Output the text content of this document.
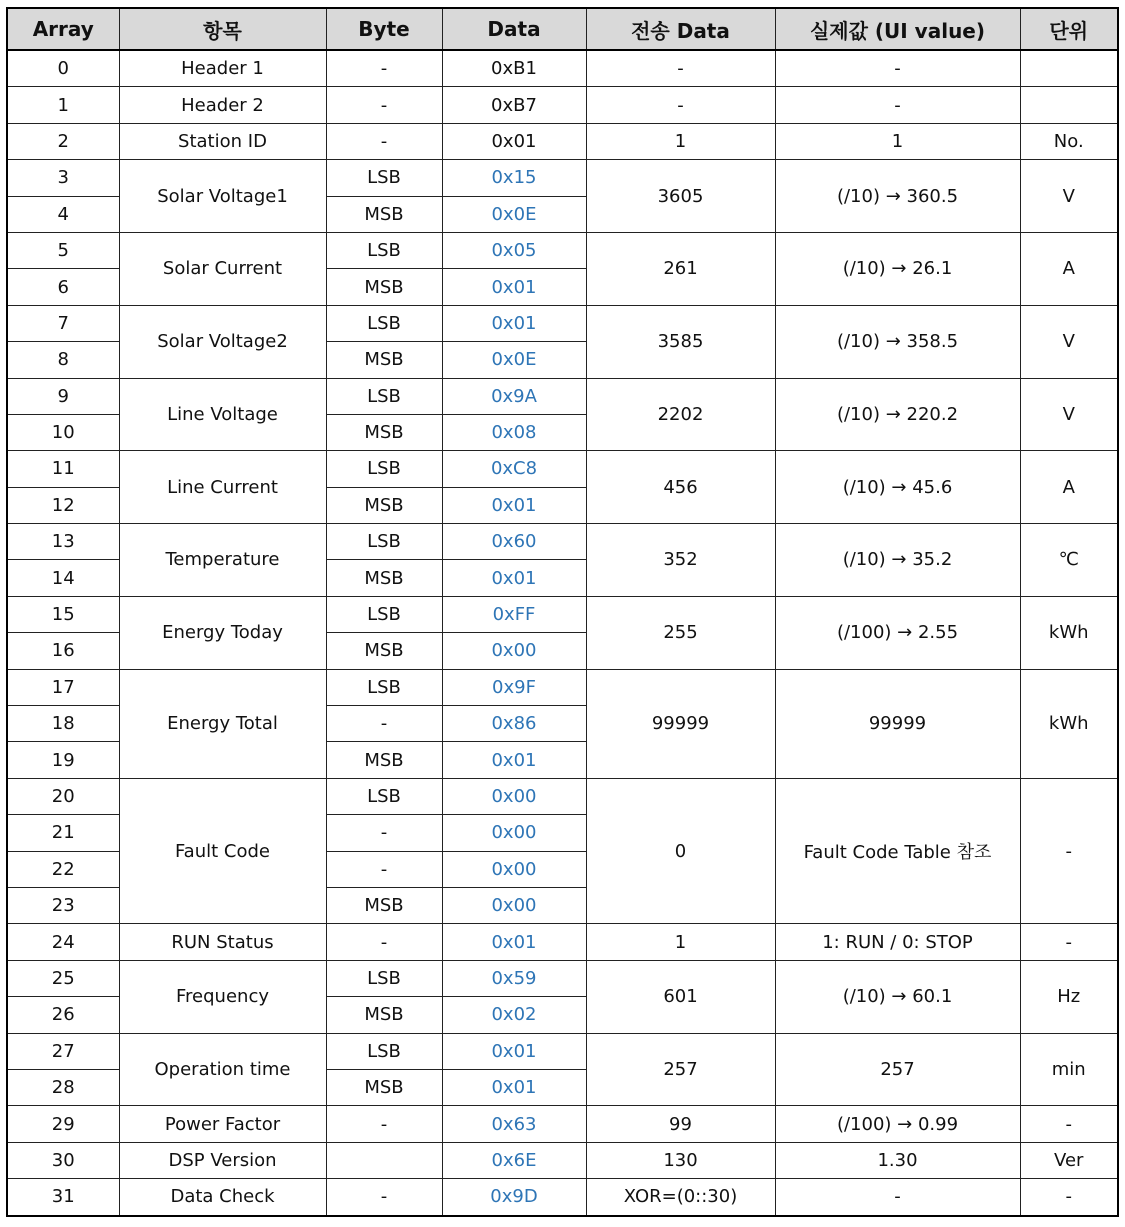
Array	항목	Byte	Data	전송 Data	실제값 (UI value)	단위
0	Header 1	-	0xB1	-	-	
1	Header 2	-	0xB7	-	-	
2	Station ID	-	0x01	1	1	No.
3	Solar Voltage1	LSB	0x15	3605	(/10) → 360.5	V
4		MSB	0x0E			
5	Solar Current	LSB	0x05	261	(/10) → 26.1	A
6		MSB	0x01			
7	Solar Voltage2	LSB	0x01	3585	(/10) → 358.5	V
8		MSB	0x0E			
9	Line Voltage	LSB	0x9A	2202	(/10) → 220.2	V
10		MSB	0x08			
11	Line Current	LSB	0xC8	456	(/10) → 45.6	A
12		MSB	0x01			
13	Temperature	LSB	0x60	352	(/10) → 35.2	℃
14		MSB	0x01			
15	Energy Today	LSB	0xFF	255	(/100) → 2.55	kWh
16		MSB	0x00			
17	Energy Total	LSB	0x9F	99999	99999	kWh
18		-	0x86			
19		MSB	0x01			
20	Fault Code	LSB	0x00	0	Fault Code Table 참조	-
21		-	0x00			
22		-	0x00			
23		MSB	0x00			
24	RUN Status	-	0x01	1	1: RUN / 0: STOP	-
25	Frequency	LSB	0x59	601	(/10) → 60.1	Hz
26		MSB	0x02			
27	Operation time	LSB	0x01	257	257	min
28		MSB	0x01			
29	Power Factor	-	0x63	99	(/100) → 0.99	-
30	DSP Version		0x6E	130	1.30	Ver
31	Data Check	-	0x9D	XOR=(0::30)	-	-
